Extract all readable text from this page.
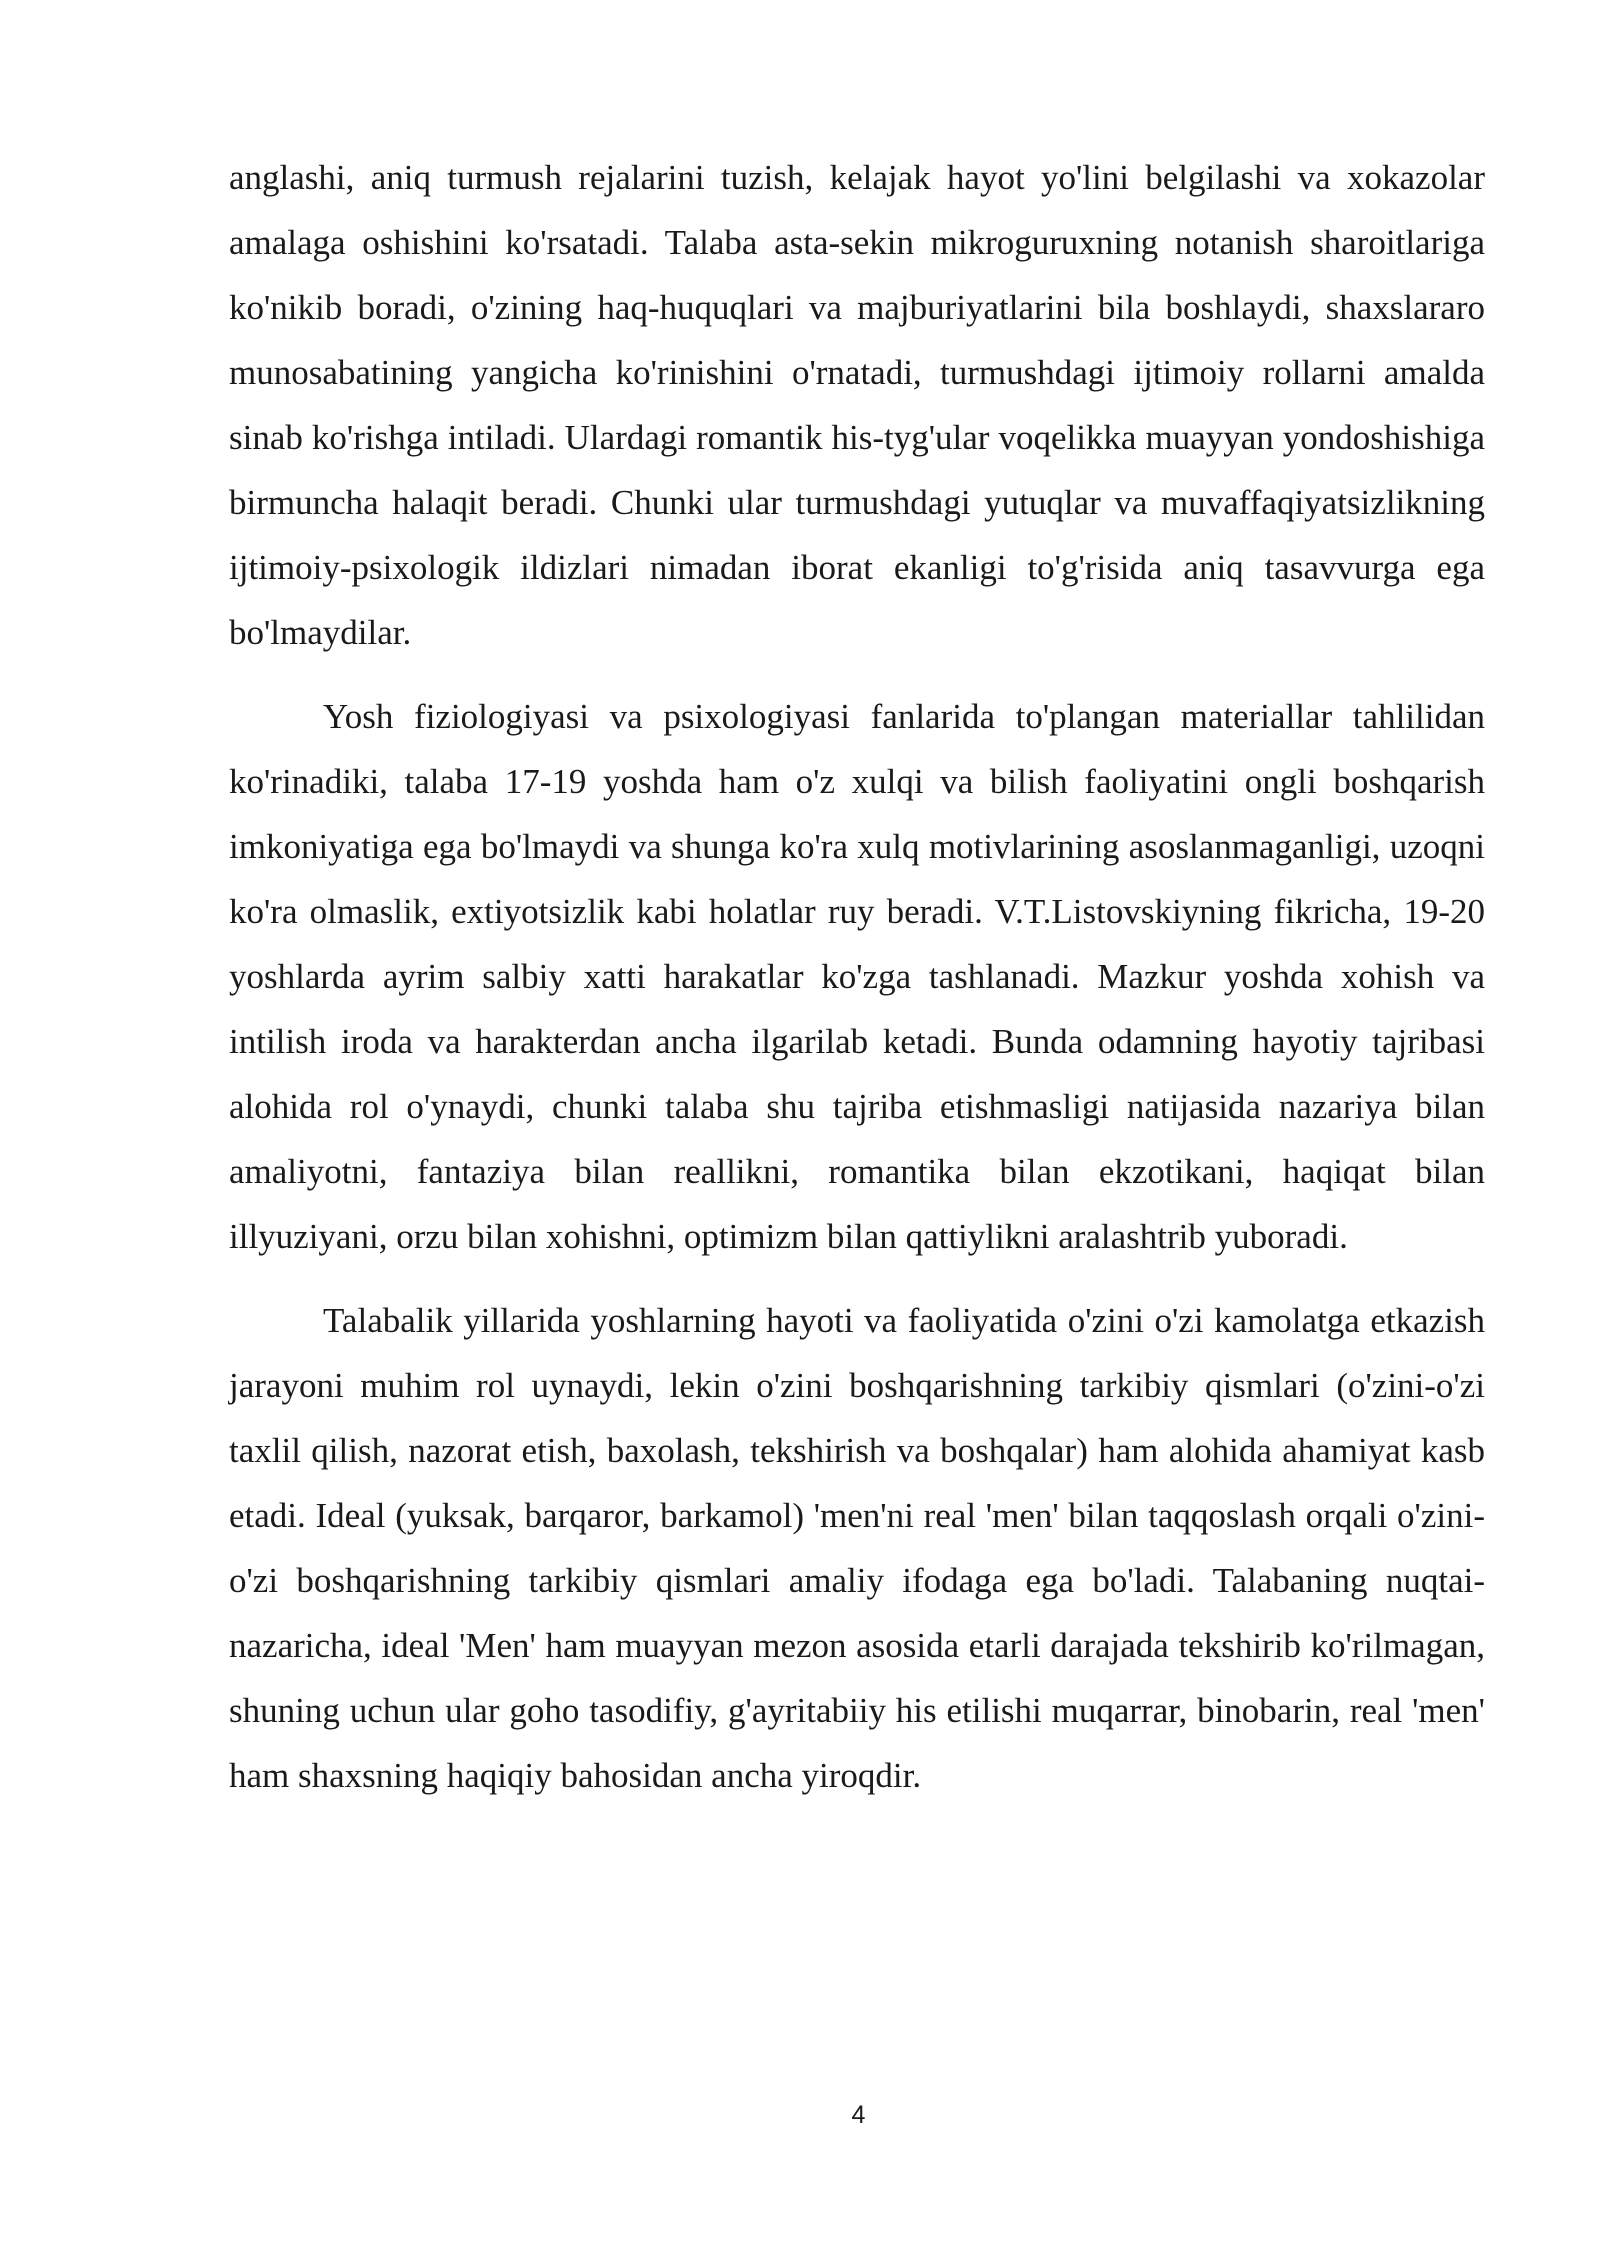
anglashi, aniq turmush rejalarini tuzish, kelajak hayot yo'lini belgilashi va xokazolar amalaga oshishini ko'rsatadi. Talaba asta-sekin mikroguruxning notanish sharoitlariga ko'nikib boradi, o'zining haq-huquqlari va majburiyatlarini bila boshlaydi, shaxslararo munosabatining yangicha ko'rinishini o'rnatadi, turmushdagi ijtimoiy rollarni amalda sinab ko'rishga intiladi. Ulardagi romantik his-tyg'ular voqelikka muayyan yondoshishiga birmuncha halaqit beradi. Chunki ular turmushdagi yutuqlar va muvaffaqiyatsizlikning ijtimoiy-psixologik ildizlari nimadan iborat ekanligi to'g'risida aniq tasavvurga ega bo'lmaydilar.

Yosh fiziologiyasi va psixologiyasi fanlarida to'plangan materiallar tahlilidan ko'rinadiki, talaba 17-19 yoshda ham o'z xulqi va bilish faoliyatini ongli boshqarish imkoniyatiga ega bo'lmaydi va shunga ko'ra xulq motivlarining asoslanmaganligi, uzoqni ko'ra olmaslik, extiyotsizlik kabi holatlar ruy beradi. V.T.Listovskiyning fikricha, 19-20 yoshlarda ayrim salbiy xatti harakatlar ko'zga tashlanadi. Mazkur yoshda xohish va intilish iroda va harakterdan ancha ilgarilab ketadi. Bunda odamning hayotiy tajribasi alohida rol o'ynaydi, chunki talaba shu tajriba etishmasligi natijasida nazariya bilan amaliyotni, fantaziya bilan reallikni, romantika bilan ekzotikani, haqiqat bilan illyuziyani, orzu bilan xohishni, optimizm bilan qattiylikni aralashtrib yuboradi.

Talabalik yillarida yoshlarning hayoti va faoliyatida o'zini o'zi kamolatga etkazish jarayoni muhim rol uynaydi, lekin o'zini boshqarishning tarkibiy qismlari (o'zini-o'zi taxlil qilish, nazorat etish, baxolash, tekshirish va boshqalar) ham alohida ahamiyat kasb etadi. Ideal (yuksak, barqaror, barkamol) 'men'ni real 'men' bilan taqqoslash orqali o'zini-o'zi boshqarishning tarkibiy qismlari amaliy ifodaga ega bo'ladi. Talabaning nuqtai-nazaricha, ideal 'Men' ham muayyan mezon asosida etarli darajada tekshirib ko'rilmagan, shuning uchun ular goho tasodifiy, g'ayritabiiy his etilishi muqarrar, binobarin, real 'men' ham shaxsning haqiqiy bahosidan ancha yiroqdir.

4
